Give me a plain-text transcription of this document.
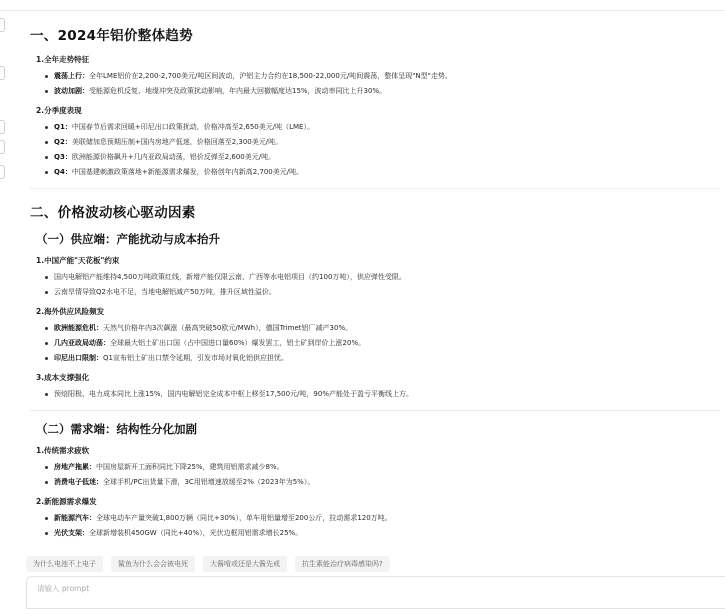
一、2024年铝价整体趋势
1.全年走势特征
震荡上行：全年LME铝价在2,200-2,700美元/吨区间波动，沪铝主力合约在18,500-22,000元/吨间震荡，整体呈现"N型"走势。
波动加剧：受能源危机反复、地缘冲突及政策扰动影响，年内最大回撤幅度达15%，波动率同比上升30%。
2.分季度表现
Q1：中国春节后需求回暖+印尼出口政策扰动，价格冲高至2,650美元/吨（LME）。
Q2：美联储加息预期压制+国内房地产低迷，价格回落至2,300美元/吨。
Q3：欧洲能源价格飙升+几内亚政局动荡，铝价反弹至2,600美元/吨。
Q4：中国基建刺激政策落地+新能源需求爆发，价格创年内新高2,700美元/吨。
二、价格波动核心驱动因素
（一）供应端：产能扰动与成本抬升
1.中国产能"天花板"约束
国内电解铝产能维持4,500万吨政策红线，新增产能仅限云南、广西等水电铝项目（约100万吨），供应弹性受限。
云南旱情导致Q2水电不足，当地电解铝减产50万吨，推升区域性溢价。
2.海外供应风险频发
欧洲能源危机：天然气价格年内3次飙涨（最高突破50欧元/MWh），德国Trimet铝厂减产30%。
几内亚政局动荡：全球最大铝土矿出口国（占中国进口量60%）爆发罢工，铝土矿到岸价上涨20%。
印尼出口限制：Q1宣布铝土矿出口禁令延期，引发市场对氧化铝供应担忧。
3.成本支撑强化
预焙阳极、电力成本同比上涨15%，国内电解铝完全成本中枢上移至17,500元/吨，90%产能处于盈亏平衡线上方。
（二）需求端：结构性分化加剧
1.传统需求疲软
房地产拖累：中国房屋新开工面积同比下降25%，建筑用铝需求减少8%。
消费电子低迷：全球手机/PC出货量下滑，3C用铝增速放缓至2%（2023年为5%）。
2.新能源需求爆发
新能源汽车：全球电动车产量突破1,800万辆（同比+30%），单车用铝量增至200公斤，拉动需求120万吨。
光伏支架：全球新增装机450GW（同比+40%），光伏边框用铝需求增长25%。
为什么电池不上电子	鲨鱼为什么会会被电死	大酱啃或还是大酱先戒	抗生素能治疗病毒感染吗?
请输入 prompt
